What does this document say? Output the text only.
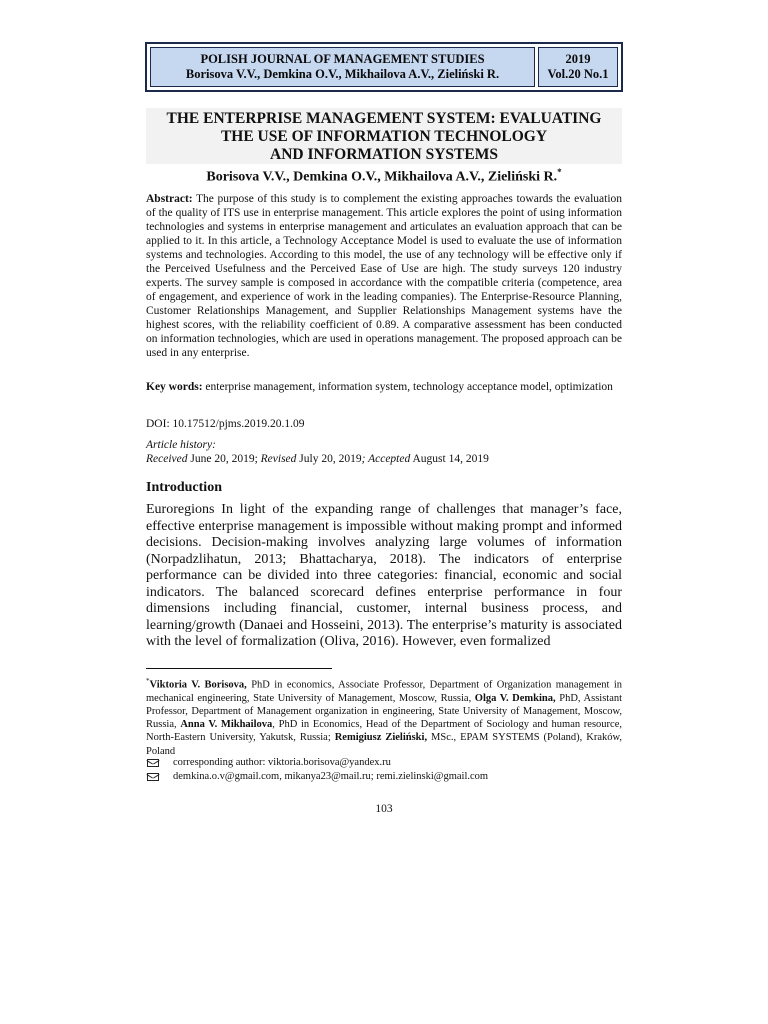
POLISH JOURNAL OF MANAGEMENT STUDIES
Borisova V.V., Demkina O.V., Mikhailova A.V., Zieliński R.
2019
Vol.20 No.1
THE ENTERPRISE MANAGEMENT SYSTEM: EVALUATING
THE USE OF INFORMATION TECHNOLOGY
AND INFORMATION SYSTEMS
Borisova V.V., Demkina O.V., Mikhailova A.V., Zieliński R.*

Abstract: The purpose of this study is to complement the existing approaches towards the evaluation of the quality of ITS use in enterprise management. This article explores the point of using information technologies and systems in enterprise management and articulates an evaluation approach that can be applied to it. In this article, a Technology Acceptance Model is used to evaluate the use of information systems and technologies. According to this model, the use of any technology will be effective only if the Perceived Usefulness and the Perceived Ease of Use are high. The study surveys 120 industry experts. The survey sample is composed in accordance with the compatible criteria (competence, area of engagement, and experience of work in the leading companies). The Enterprise-Resource Planning, Customer Relationships Management, and Supplier Relationships Management systems have the highest scores, with the reliability coefficient of 0.89. A comparative assessment has been conducted on information technologies, which are used in operations management. The proposed approach can be used in any enterprise.

Key words: enterprise management, information system, technology acceptance model, optimization

DOI: 10.17512/pjms.2019.20.1.09

Article history:

Received June 20, 2019; Revised July 20, 2019; Accepted August 14, 2019

Introduction

Euroregions In light of the expanding range of challenges that manager’s face, effective enterprise management is impossible without making prompt and informed decisions. Decision-making involves analyzing large volumes of information (Norpadzlihatun, 2013; Bhattacharya, 2018). The indicators of enterprise performance can be divided into three categories: financial, economic and social indicators. The balanced scorecard defines enterprise performance in four dimensions including financial, customer, internal business process, and learning/growth (Danaei and Hosseini, 2013). The enterprise’s maturity is associated with the level of formalization (Oliva, 2016). However, even formalized

*Viktoria V. Borisova, PhD in economics, Associate Professor, Department of Organization management in mechanical engineering, State University of Management, Moscow, Russia, Olga V. Demkina, PhD, Assistant Professor, Department of Management organization in engineering, State University of Management, Moscow, Russia, Anna V. Mikhailova, PhD in Economics, Head of the Department of Sociology and human resource, North-Eastern University, Yakutsk, Russia; Remigiusz Zieliński, MSc., EPAM SYSTEMS (Poland), Kraków, Poland

corresponding author: viktoria.borisova@yandex.ru
demkina.o.v@gmail.com, mikanya23@mail.ru; remi.zielinski@gmail.com
103
